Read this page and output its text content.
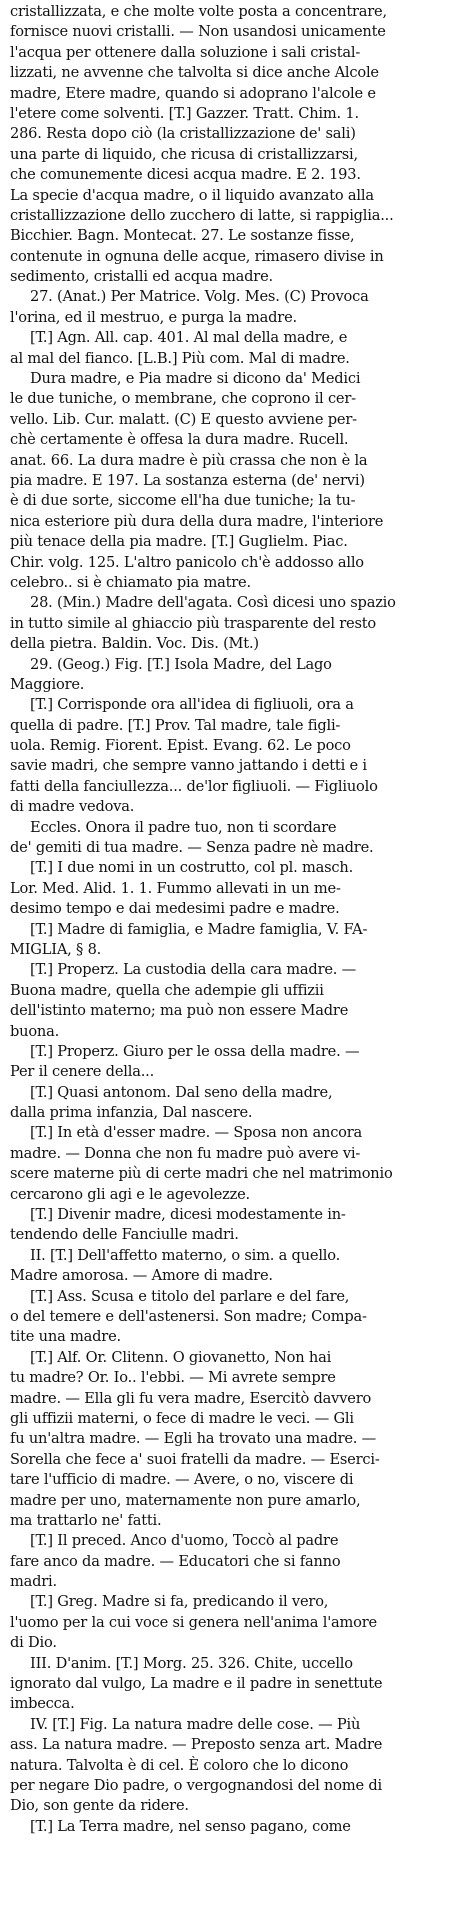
cristallizzata, e che molte volte posta a concentrare,
fornisce nuovi cristalli. — Non usandosi unicamente
l'acqua per ottenere dalla soluzione i sali cristal-
lizzati, ne avvenne che talvolta si dice anche Alcole
madre, Etere madre, quando si adoprano l'alcole e
l'etere come solventi. [T.] Gazzer. Tratt. Chim. 1.
286. Resta dopo ciò (la cristallizzazione de' sali)
una parte di liquido, che ricusa di cristallizzarsi,
che comunemente dicesi acqua madre. E 2. 193.
La specie d'acqua madre, o il liquido avanzato alla
cristallizzazione dello zucchero di latte, si rappiglia...
Bicchier. Bagn. Montecat. 27. Le sostanze fisse,
contenute in ognuna delle acque, rimasero divise in
sedimento, cristalli ed acqua madre.
27. (Anat.) Per Matrice. Volg. Mes. (C) Provoca
l'orina, ed il mestruo, e purga la madre.
[T.] Agn. All. cap. 401. Al mal della madre, e
al mal del fianco. [L.B.] Più com. Mal di madre.
Dura madre, e Pia madre si dicono da' Medici
le due tuniche, o membrane, che coprono il cer-
vello. Lib. Cur. malatt. (C) E questo avviene per-
chè certamente è offesa la dura madre. Rucell.
anat. 66. La dura madre è più crassa che non è la
pia madre. E 197. La sostanza esterna (de' nervi)
è di due sorte, siccome ell'ha due tuniche; la tu-
nica esteriore più dura della dura madre, l'interiore
più tenace della pia madre. [T.] Guglielm. Piac.
Chir. volg. 125. L'altro panicolo ch'è addosso allo
celebro.. si è chiamato pia matre.
28. (Min.) Madre dell'agata. Così dicesi uno spazio
in tutto simile al ghiaccio più trasparente del resto
della pietra. Baldin. Voc. Dis. (Mt.)
29. (Geog.) Fig. [T.] Isola Madre, del Lago
Maggiore.
[T.] Corrisponde ora all'idea di figliuoli, ora a
quella di padre. [T.] Prov. Tal madre, tale figli-
uola. Remig. Fiorent. Epist. Evang. 62. Le poco
savie madri, che sempre vanno jattando i detti e i
fatti della fanciullezza... de'lor figliuoli. — Figliuolo
di madre vedova.
Eccles. Onora il padre tuo, non ti scordare
de' gemiti di tua madre. — Senza padre nè madre.
[T.] I due nomi in un costrutto, col pl. masch.
Lor. Med. Alid. 1. 1. Fummo allevati in un me-
desimo tempo e dai medesimi padre e madre.
[T.] Madre di famiglia, e Madre famiglia, V. FA-
MIGLIA, § 8.
[T.] Properz. La custodia della cara madre. —
Buona madre, quella che adempie gli uffizii
dell'istinto materno; ma può non essere Madre
buona.
[T.] Properz. Giuro per le ossa della madre. —
Per il cenere della...
[T.] Quasi antonom. Dal seno della madre,
dalla prima infanzia, Dal nascere.
[T.] In età d'esser madre. — Sposa non ancora
madre. — Donna che non fu madre può avere vi-
scere materne più di certe madri che nel matrimonio
cercarono gli agi e le agevolezze.
[T.] Divenir madre, dicesi modestamente in-
tendendo delle Fanciulle madri.
II. [T.] Dell'affetto materno, o sim. a quello.
Madre amorosa. — Amore di madre.
[T.] Ass. Scusa e titolo del parlare e del fare,
o del temere e dell'astenersi. Son madre; Compa-
tite una madre.
[T.] Alf. Or. Clitenn. O giovanetto, Non hai
tu madre? Or. Io.. l'ebbi. — Mi avrete sempre
madre. — Ella gli fu vera madre, Esercitò davvero
gli uffizii materni, o fece di madre le veci. — Gli
fu un'altra madre. — Egli ha trovato una madre. —
Sorella che fece a' suoi fratelli da madre. — Eserci-
tare l'ufficio di madre. — Avere, o no, viscere di
madre per uno, maternamente non pure amarlo,
ma trattarlo ne' fatti.
[T.] Il preced. Anco d'uomo, Toccò al padre
fare anco da madre. — Educatori che si fanno
madri.
[T.] Greg. Madre si fa, predicando il vero,
l'uomo per la cui voce si genera nell'anima l'amore
di Dio.
III. D'anim. [T.] Morg. 25. 326. Chite, uccello
ignorato dal vulgo, La madre e il padre in senettute
imbecca.
IV. [T.] Fig. La natura madre delle cose. — Più
ass. La natura madre. — Preposto senza art. Madre
natura. Talvolta è di cel. È coloro che lo dicono
per negare Dio padre, o vergognandosi del nome di
Dio, son gente da ridere.
[T.] La Terra madre, nel senso pagano, come
